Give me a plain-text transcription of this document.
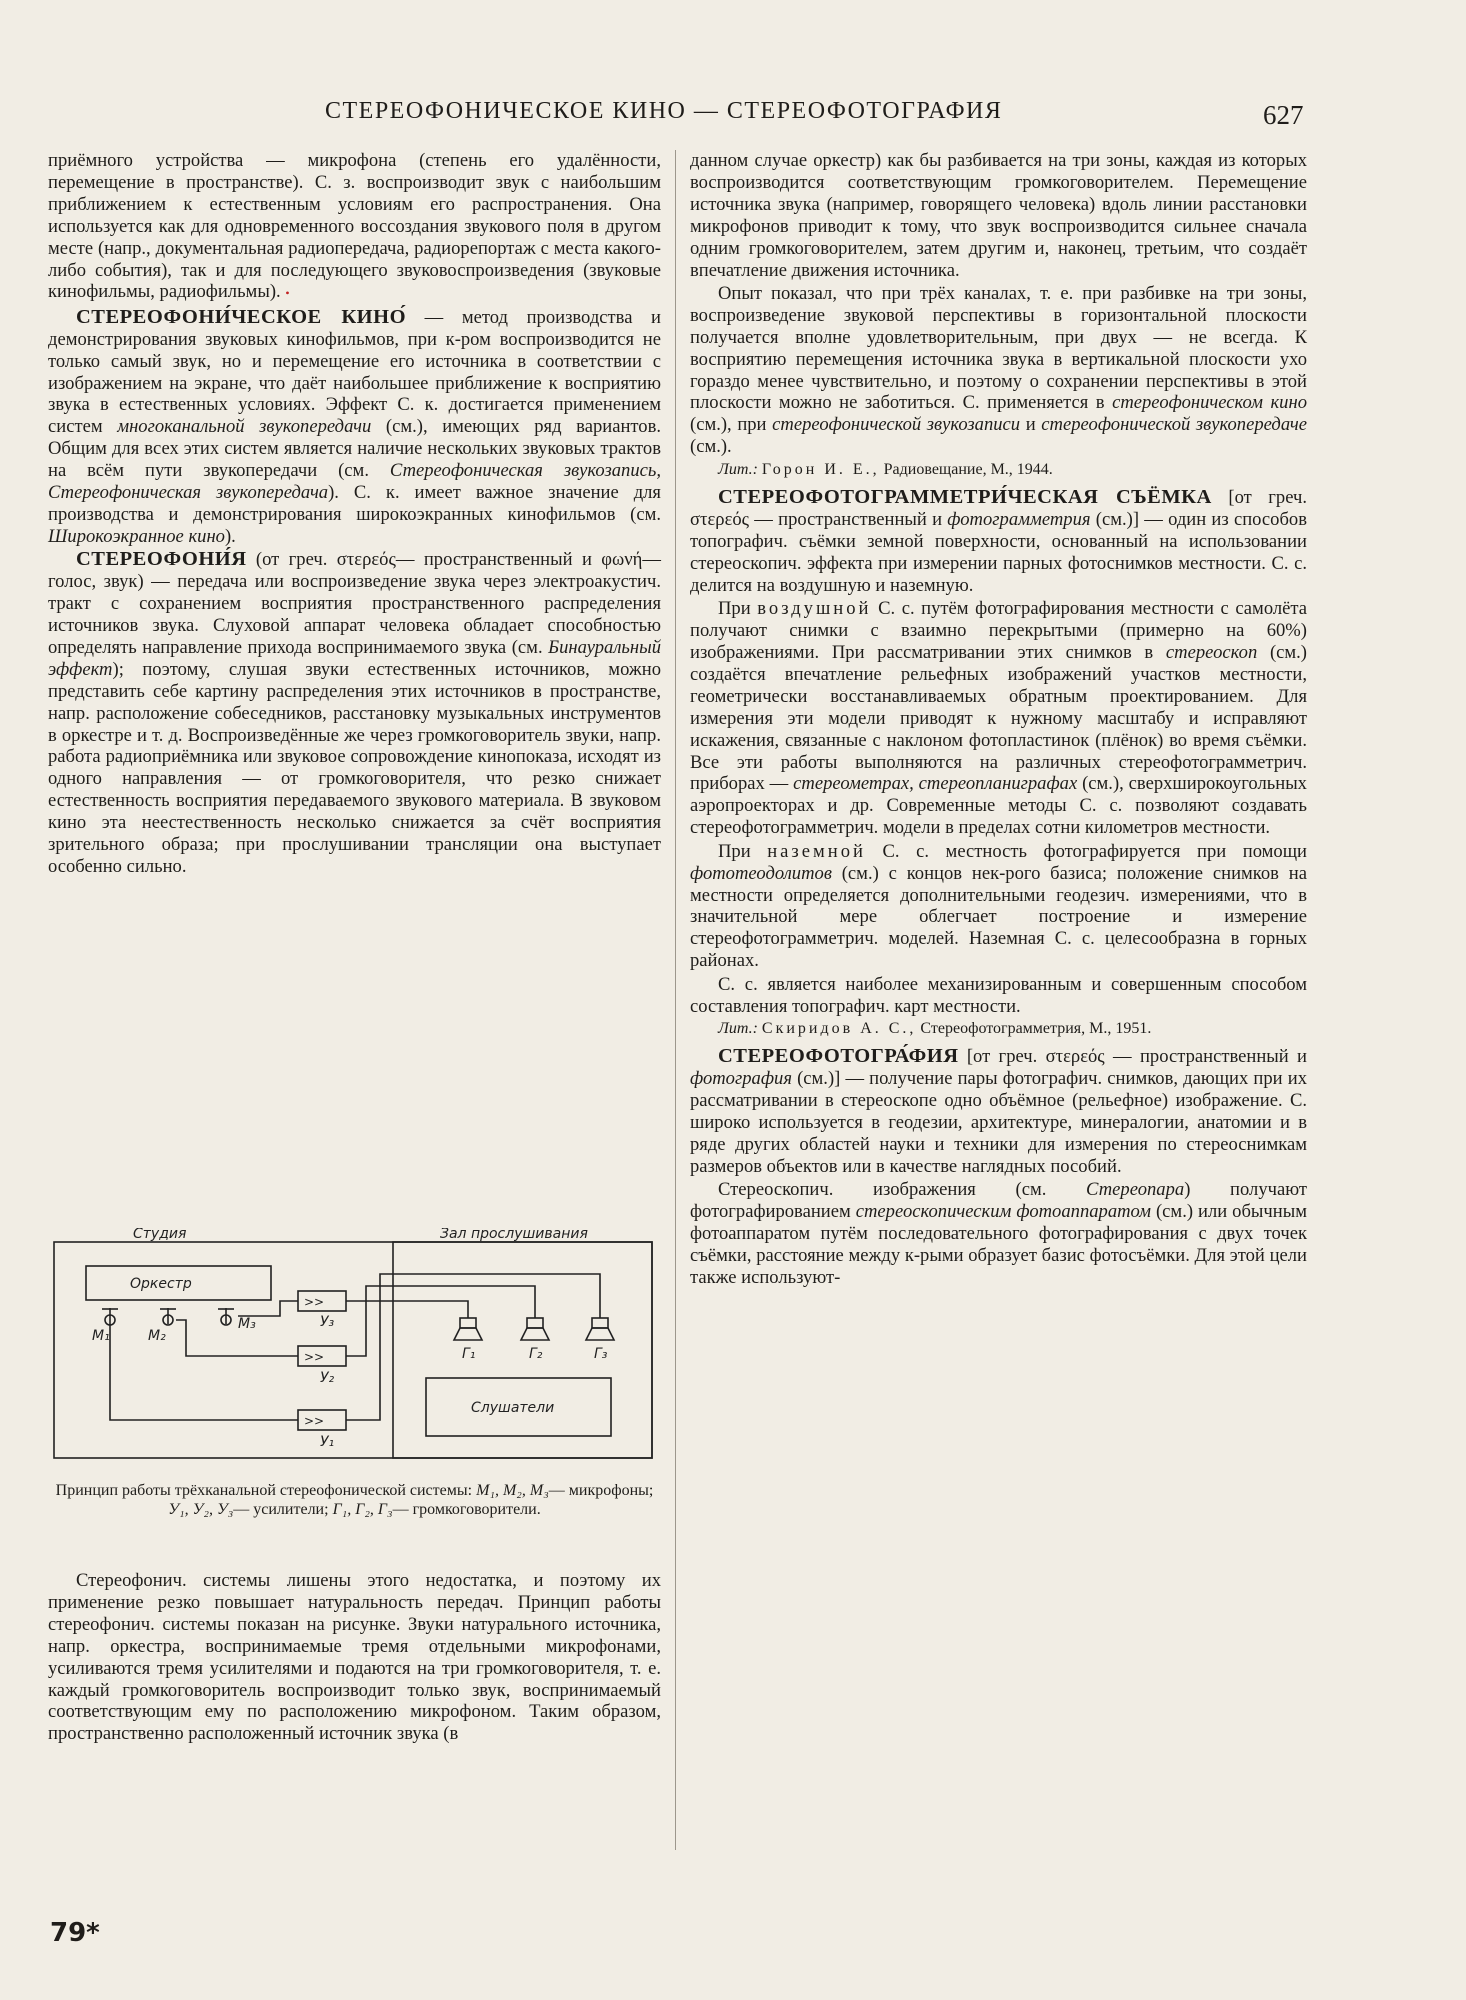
СТЕРЕОФОНИЧЕСКОЕ КИНО — СТЕРЕОФОТОГРАФИЯ	627

приёмного устройства — микрофона (степень его удалённости, перемещение в пространстве). С. з. воспроизводит звук с наибольшим приближением к естественным условиям его распространения. Она используется как для одновременного воссоздания звукового поля в другом месте (напр., документальная радиопередача, радиорепортаж с места какого-либо события), так и для последующего звуковоспроизведения (звуковые кинофильмы, радиофильмы). •

СТЕРЕОФОНИ́ЧЕСКОЕ КИНО́ — метод производства и демонстрирования звуковых кинофильмов, при к-ром воспроизводится не только самый звук, но и перемещение его источника в соответствии с изображением на экране, что даёт наибольшее приближение к восприятию звука в естественных условиях. Эффект С. к. достигается применением систем многоканальной звукопередачи (см.), имеющих ряд вариантов. Общим для всех этих систем является наличие нескольких звуковых трактов на всём пути звукопередачи (см. Стереофоническая звукозапись, Стереофоническая звукопередача). С. к. имеет важное значение для производства и демонстрирования широкоэкранных кинофильмов (см. Широкоэкранное кино).

СТЕРЕОФОНИ́Я (от греч. στερεός— пространственный и φωνή— голос, звук) — передача или воспроизведение звука через электроакустич. тракт с сохранением восприятия пространственного распределения источников звука. Слуховой аппарат человека обладает способностью определять направление прихода воспринимаемого звука (см. Бинауральный эффект); поэтому, слушая звуки естественных источников, можно представить себе картину распределения этих источников в пространстве, напр. расположение собеседников, расстановку музыкальных инструментов в оркестре и т. д. Воспроизведённые же через громкоговоритель звуки, напр. работа радиоприёмника или звуковое сопровождение кинопоказа, исходят из одного направления — от громкоговорителя, что резко снижает естественность восприятия передаваемого звукового материала. В звуковом кино эта неестественность несколько снижается за счёт восприятия зрительного образа; при прослушивании трансляции она выступает особенно сильно.

>>
>>
>>
Студия	Зал прослушивания
Оркестр
Слушатели
М₁	М₂
М₃	У₃
У₂
У₁
Г₁	Г₂	Г₃
Принцип работы трёхканальной стереофонической системы: М₁, М₂, М₃— микрофоны; У₁, У₂, У₃— усилители; Г₁, Г₂, Г₃— громкоговорители.

Стереофонич. системы лишены этого недостатка, и поэтому их применение резко повышает натуральность передач. Принцип работы стереофонич. системы показан на рисунке. Звуки натурального источника, напр. оркестра, воспринимаемые тремя отдельными микрофонами, усиливаются тремя усилителями и подаются на три громкоговорителя, т. е. каждый громкоговоритель воспроизводит только звук, воспринимаемый соответствующим ему по расположению микрофоном. Таким образом, пространственно расположенный источник звука (в

данном случае оркестр) как бы разбивается на три зоны, каждая из которых воспроизводится соответствующим громкоговорителем. Перемещение источника звука (например, говорящего человека) вдоль линии расстановки микрофонов приводит к тому, что звук воспроизводится сильнее сначала одним громкоговорителем, затем другим и, наконец, третьим, что создаёт впечатление движения источника.

Опыт показал, что при трёх каналах, т. е. при разбивке на три зоны, воспроизведение звуковой перспективы в горизонтальной плоскости получается вполне удовлетворительным, при двух — не всегда. К восприятию перемещения источника звука в вертикальной плоскости ухо гораздо менее чувствительно, и поэтому о сохранении перспективы в этой плоскости можно не заботиться. С. применяется в стереофоническом кино (см.), при стереофонической звукозаписи и стереофонической звукопередаче (см.).

Лит.: Горон И. Е., Радиовещание, М., 1944.

СТЕРЕОФОТОГРАММЕТРИ́ЧЕСКАЯ СЪЁМКА [от греч. στερεός — пространственный и фотограмметрия (см.)] — один из способов топографич. съёмки земной поверхности, основанный на использовании стереоскопич. эффекта при измерении парных фотоснимков местности. С. с. делится на воздушную и наземную.

При воздушной С. с. путём фотографирования местности с самолёта получают снимки с взаимно перекрытыми (примерно на 60%) изображениями. При рассматривании этих снимков в стереоскоп (см.) создаётся впечатление рельефных изображений участков местности, геометрически восстанавливаемых обратным проектированием. Для измерения эти модели приводят к нужному масштабу и исправляют искажения, связанные с наклоном фотопластинок (плёнок) во время съёмки. Все эти работы выполняются на различных стереофотограмметрич. приборах — стереометрах, стереопланиграфах (см.), сверхширокоугольных аэропроекторах и др. Современные методы С. с. позволяют создавать стереофотограмметрич. модели в пределах сотни километров местности.

При наземной С. с. местность фотографируется при помощи фототеодолитов (см.) с концов нек-рого базиса; положение снимков на местности определяется дополнительными геодезич. измерениями, что в значительной мере облегчает построение и измерение стереофотограмметрич. моделей. Наземная С. с. целесообразна в горных районах.

С. с. является наиболее механизированным и совершенным способом составления топографич. карт местности.

Лит.: Скиридов А. С., Стереофотограмметрия, М., 1951.

СТЕРЕОФОТОГРА́ФИЯ [от греч. στερεός — пространственный и фотография (см.)] — получение пары фотографич. снимков, дающих при их рассматривании в стереоскопе одно объёмное (рельефное) изображение. С. широко используется в геодезии, архитектуре, минералогии, анатомии и в ряде других областей науки и техники для измерения по стереоснимкам размеров объектов или в качестве наглядных пособий.

Стереоскопич. изображения (см. Стереопара) получают фотографированием стереоскопическим фотоаппаратом (см.) или обычным фотоаппаратом путём последовательного фотографирования с двух точек съёмки, расстояние между к-рыми образует базис фотосъёмки. Для этой цели также используют-

79*
